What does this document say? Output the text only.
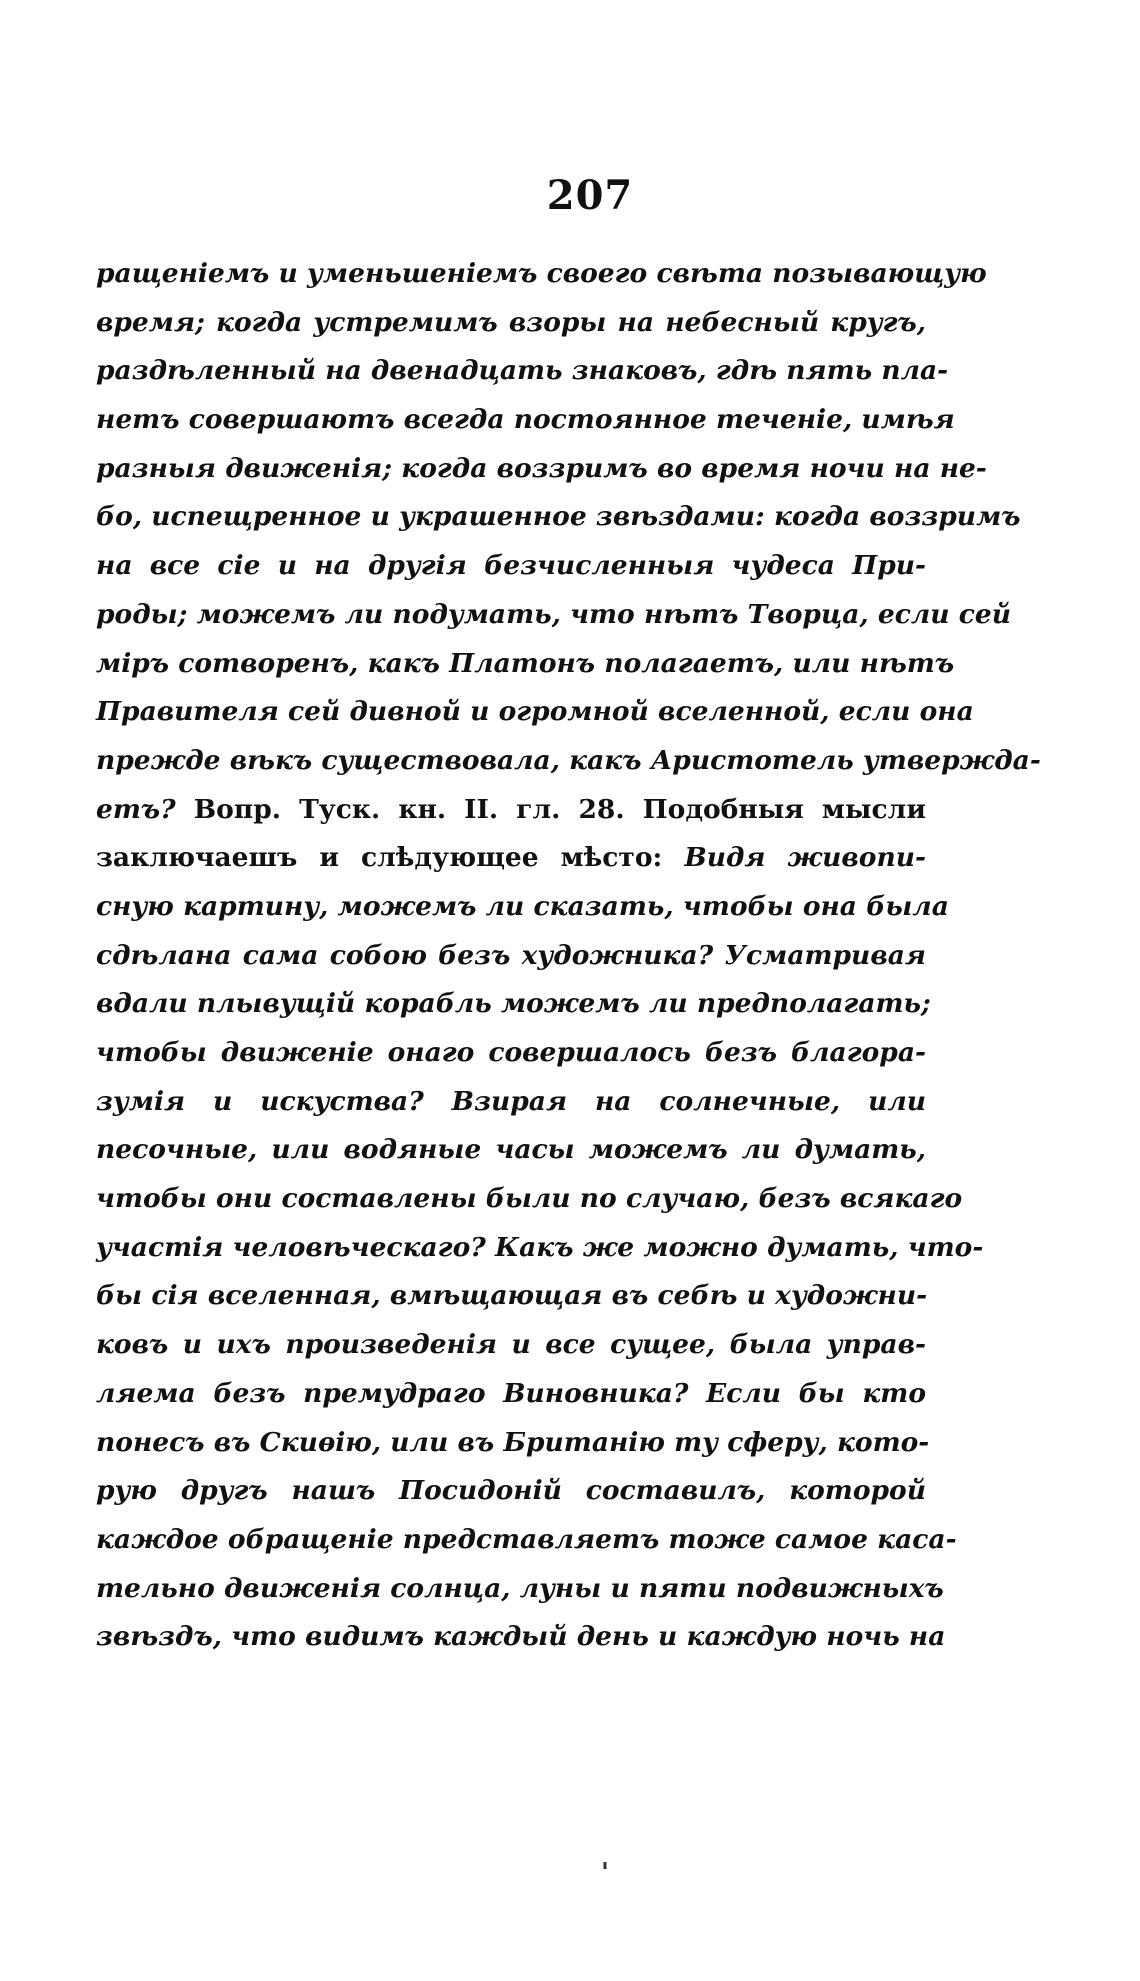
207
ращеніемъ и уменьшеніемъ своего свѣта позывающую
время; когда устремимъ взоры на небесный кругъ,
раздѣленный на двенадцать знаковъ, гдѣ пять пла-
нетъ совершаютъ всегда постоянное теченіе, имѣя
разныя движенія; когда воззримъ во время ночи на не-
бо, испещренное и украшенное звѣздами: когда воззримъ
на все сіе и на другія безчисленныя чудеса При-
роды; можемъ ли подумать, что нѣтъ Творца, если сей
міръ сотворенъ, какъ Платонъ полагаетъ, или нѣтъ
Правителя сей дивной и огромной вселенной, если она
прежде вѣкъ существовала, какъ Аристотель утвержда-
етъ? Вопр. Туск. кн. II. гл. 28. Подобныя мысли
заключаешъ и слѣдующее мѣсто: Видя живопи-
сную картину, можемъ ли сказать, чтобы она была
сдѣлана сама собою безъ художника? Усматривая
вдали плывущій корабль можемъ ли предполагать;
чтобы движеніе онаго совершалось безъ благора-
зумія и искуства? Взирая на солнечные, или
песочные, или водяные часы можемъ ли думать,
чтобы они составлены были по случаю, безъ всякаго
участія человѣческаго? Какъ же можно думать, что-
бы сія вселенная, вмѣщающая въ себѣ и художни-
ковъ и ихъ произведенія и все сущее, была управ-
ляема безъ премудраго Виновника? Если бы кто
понесъ въ Скиѳію, или въ Британію ту сферу, кото-
рую другъ нашъ Посидоній составилъ, которой
каждое обращеніе представляетъ тоже самое каса-
тельно движенія солнца, луны и пяти подвижныхъ
звѣздъ, что видимъ каждый день и каждую ночь на
'
